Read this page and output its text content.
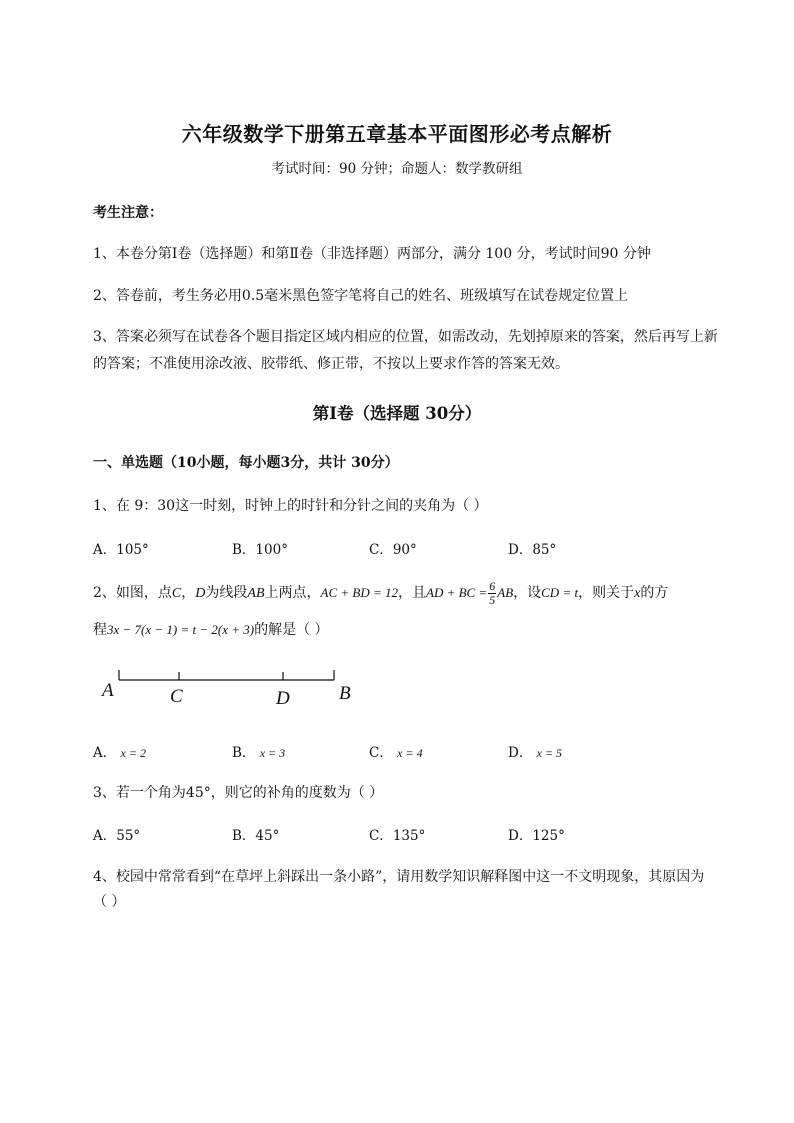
六年级数学下册第五章基本平面图形必考点解析
考试时间：90 分钟；命题人：数学教研组
考生注意：
1、本卷分第Ⅰ卷（选择题）和第Ⅱ卷（非选择题）两部分，满分 100 分，考试时间90 分钟
2、答卷前，考生务必用0.5毫米黑色签字笔将自己的姓名、班级填写在试卷规定位置上
3、答案必须写在试卷各个题目指定区域内相应的位置，如需改动，先划掉原来的答案，然后再写上新
的答案；不准使用涂改液、胶带纸、修正带，不按以上要求作答的答案无效。
第Ⅰ卷（选择题 30分）
一、单选题（10小题，每小题3分，共计 30分）
1、在 9：30这一时刻，时钟上的时针和分针之间的夹角为（ ）
A．105°	B．100°	C．90°	D．85°
2、如图，点C，D为线段AB上两点，AC + BD = 12，且AD + BC = $\frac{6}{5}$ AB，设CD = t，则关于x的方
程3x − 7(x − 1) = t − 2(x + 3)的解是（ ）
A	C	D	B
A． x = 2	B． x = 3	C． x = 4	D． x = 5
3、若一个角为45°，则它的补角的度数为（ ）
A．55°	B．45°	C．135°	D．125°
4、校园中常常看到“在草坪上斜踩出一条小路”，请用数学知识解释图中这一不文明现象，其原因为
（ ）
